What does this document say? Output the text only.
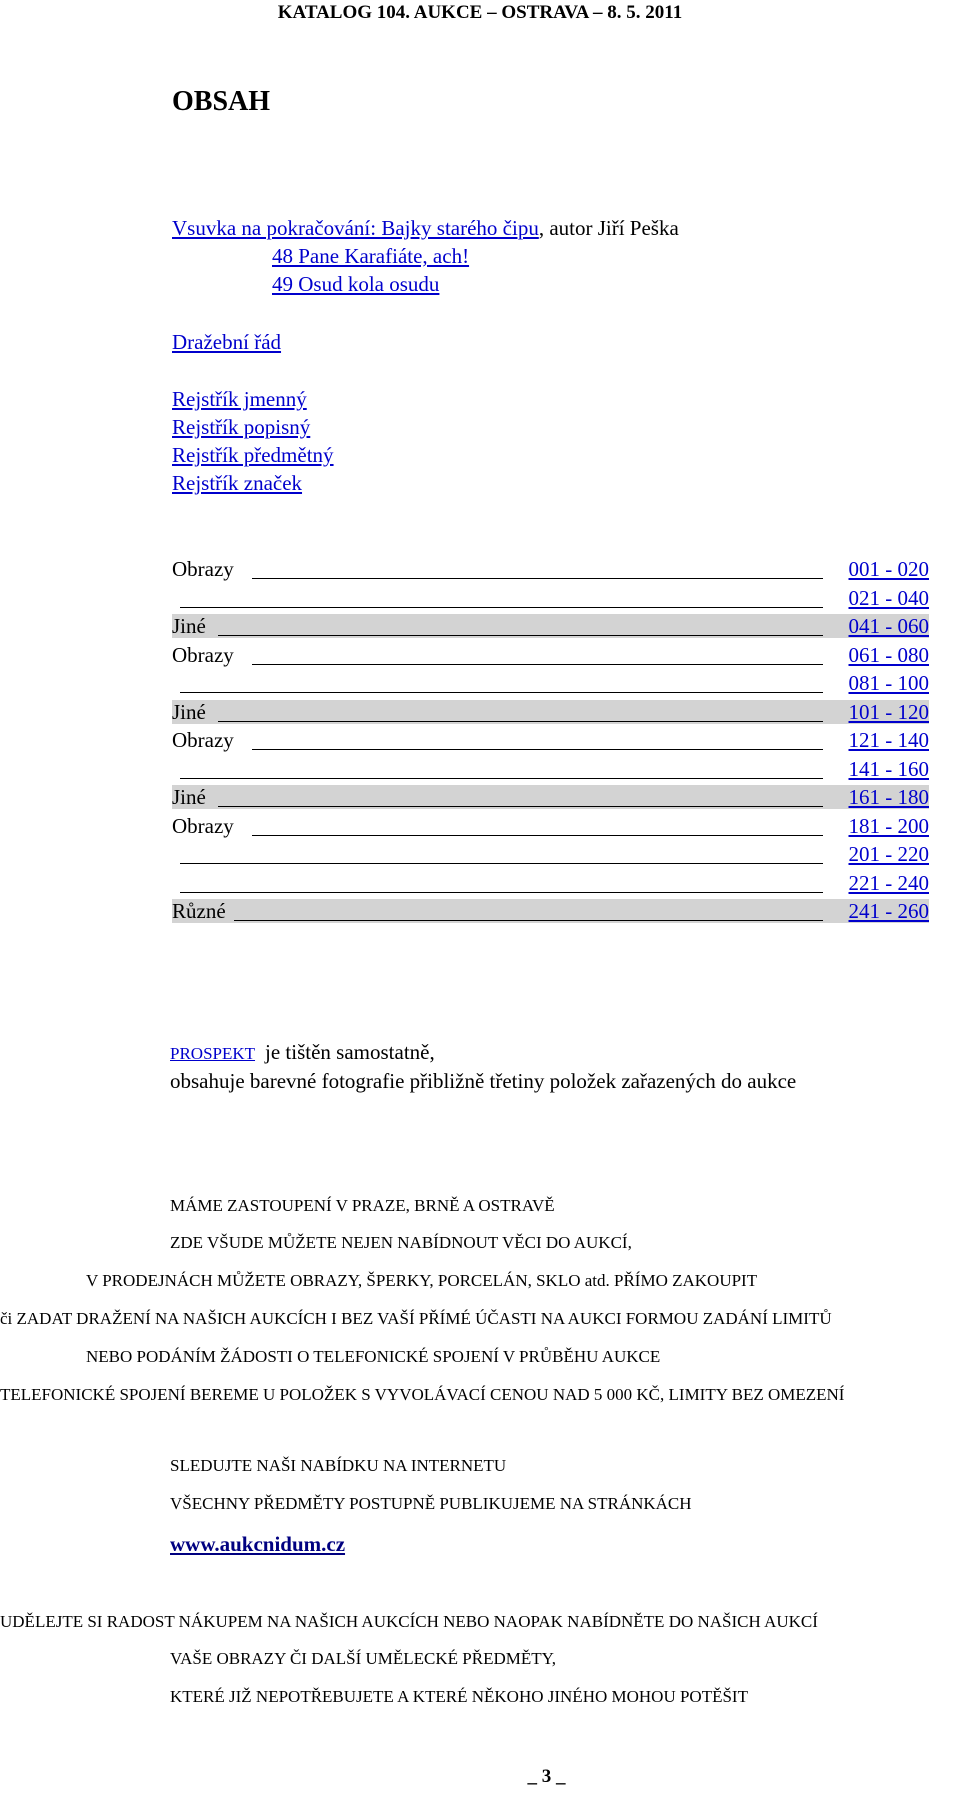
KATALOG 104. AUKCE – OSTRAVA – 8. 5. 2011
OBSAH
Vsuvka na pokračování: Bajky starého čipu, autor Jiří Peška
48 Pane Karafiáte, ach!
49 Osud kola osudu
Dražební řád
Rejstřík jmenný
Rejstřík popisný
Rejstřík předmětný
Rejstřík značek
Obrazy	001 - 020
021 - 040
Jiné	041 - 060
Obrazy	061 - 080
081 - 100
Jiné	101 - 120
Obrazy	121 - 140
141 - 160
Jiné	161 - 180
Obrazy	181 - 200
201 - 220
221 - 240
Různé	241 - 260
PROSPEKT je tištěn samostatně,
obsahuje barevné fotografie přibližně třetiny položek zařazených do aukce
MÁME ZASTOUPENÍ V PRAZE, BRNĚ A OSTRAVĚ
ZDE VŠUDE MŮŽETE NEJEN NABÍDNOUT VĚCI DO AUKCÍ,
V PRODEJNÁCH MŮŽETE OBRAZY, ŠPERKY, PORCELÁN, SKLO atd. PŘÍMO ZAKOUPIT
či ZADAT DRAŽENÍ NA NAŠICH AUKCÍCH I BEZ VAŠÍ PŘÍMÉ ÚČASTI NA AUKCI FORMOU ZADÁNÍ LIMITŮ
NEBO PODÁNÍM ŽÁDOSTI O TELEFONICKÉ SPOJENÍ V PRŮBĚHU AUKCE
TELEFONICKÉ SPOJENÍ BEREME U POLOŽEK S VYVOLÁVACÍ CENOU NAD 5 000 KČ, LIMITY BEZ OMEZENÍ
SLEDUJTE NAŠI NABÍDKU NA INTERNETU
VŠECHNY PŘEDMĚTY POSTUPNĚ PUBLIKUJEME NA STRÁNKÁCH
www.aukcnidum.cz
UDĚLEJTE SI RADOST NÁKUPEM NA NAŠICH AUKCÍCH NEBO NAOPAK NABÍDNĚTE DO NAŠICH AUKCÍ
VAŠE OBRAZY ČI DALŠÍ UMĚLECKÉ PŘEDMĚTY,
KTERÉ JIŽ NEPOTŘEBUJETE A KTERÉ NĚKOHO JINÉHO MOHOU POTĚŠIT
_ 3 _
